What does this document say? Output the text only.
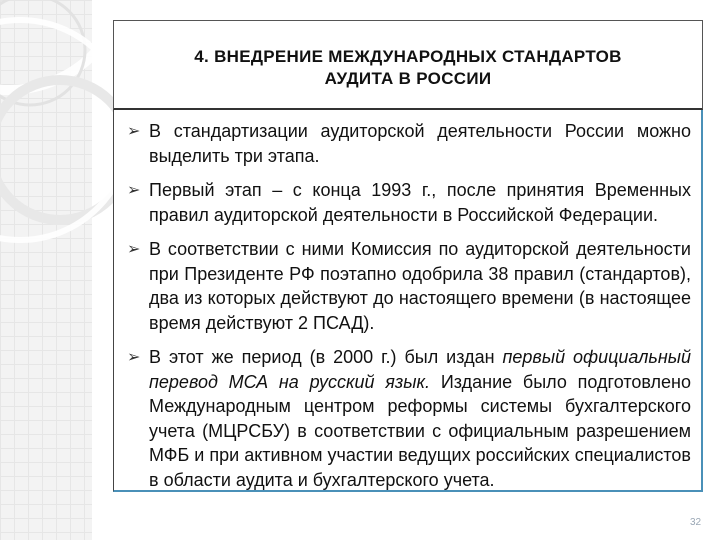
4. ВНЕДРЕНИЕ МЕЖДУНАРОДНЫХ СТАНДАРТОВ
АУДИТА В РОССИИ
➢ В стандартизации аудиторской деятельности России можно выделить три этапа.
➢ Первый этап – с конца 1993 г., после принятия Временных правил аудиторской деятельности в Российской Федерации.
➢ В соответствии с ними Комиссия по аудиторской деятельности при Президенте РФ поэтапно одобрила 38 правил (стандартов), два из которых действуют до настоящего времени (в настоящее время действуют 2 ПСАД).
➢ В этот же период (в 2000 г.) был издан первый официальный перевод МСА на русский язык. Издание было подготовлено Международным центром реформы системы бухгалтерского учета (МЦРСБУ) в соответствии с официальным разрешением МФБ и при активном участии ведущих российских специалистов в области аудита и бухгалтерского учета.
32
